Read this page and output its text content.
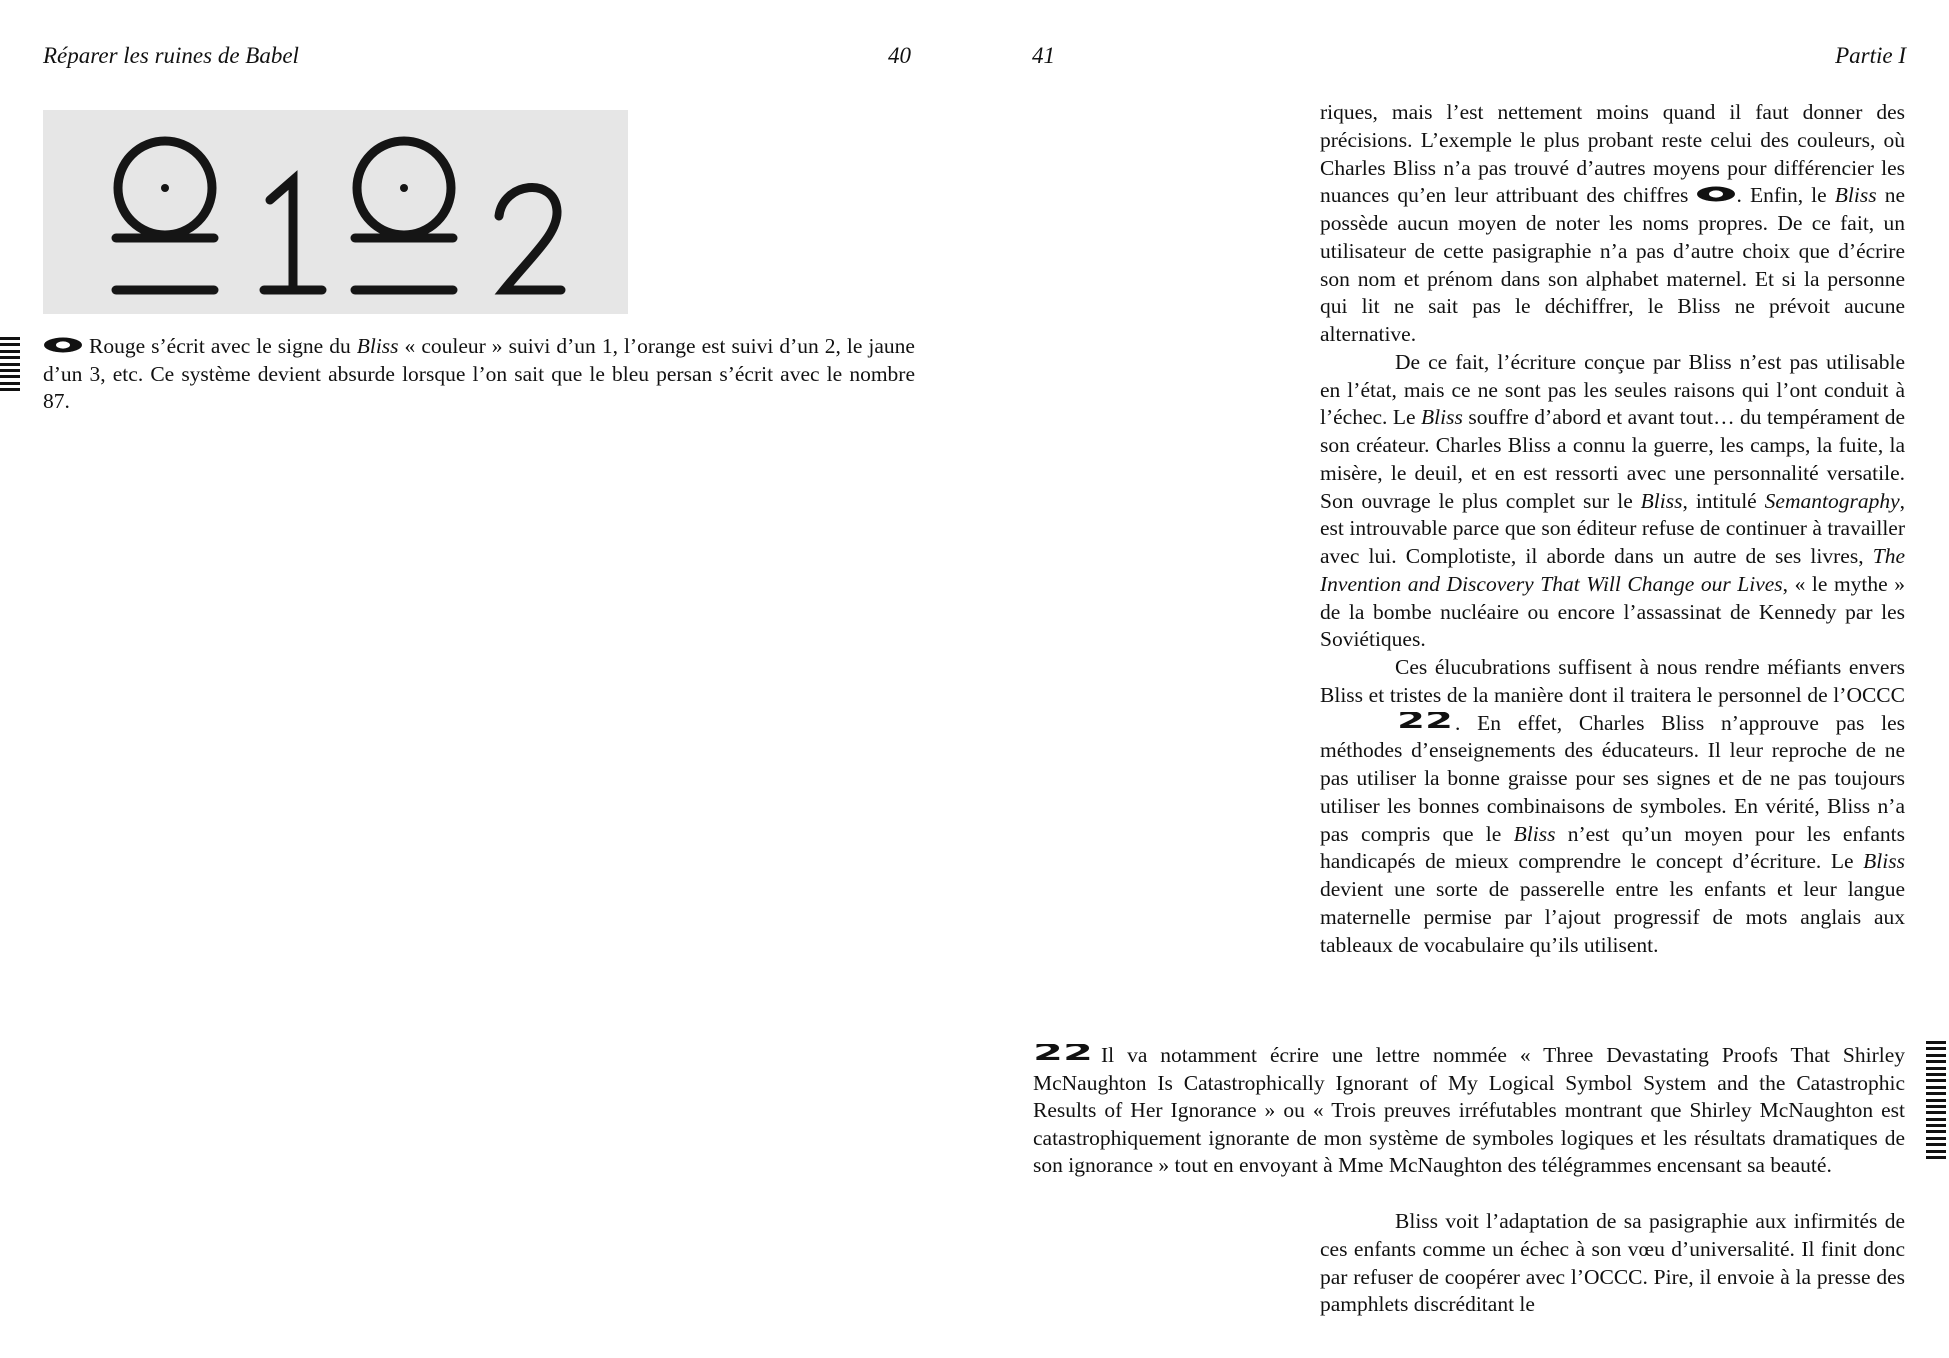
Réparer les ruines de Babel	40	41	Partie I

Rouge s’écrit avec le signe du Bliss « couleur » suivi d’un 1, l’orange est suivi d’un 2, le jaune d’un 3, etc. Ce système devient absurde lorsque l’on sait que le bleu persan s’écrit avec le nombre 87.

riques, mais l’est nettement moins quand il faut donner des précisions. L’exemple le plus probant reste celui des couleurs, où Charles Bliss n’a pas trouvé d’autres moyens pour différencier les nuances qu’en leur attribuant des chiffres . Enfin, le Bliss ne possède aucun moyen de noter les noms propres. De ce fait, un utilisateur de cette pasigraphie n’a pas d’autre choix que d’écrire son nom et prénom dans son alphabet maternel. Et si la personne qui lit ne sait pas le déchiffrer, le Bliss ne prévoit aucune alternative.

De ce fait, l’écriture conçue par Bliss n’est pas utilisable en l’état, mais ce ne sont pas les seules raisons qui l’ont conduit à l’échec. Le Bliss souffre d’abord et avant tout… du tempérament de son créateur. Charles Bliss a connu la guerre, les camps, la fuite, la misère, le deuil, et en est ressorti avec une personnalité versatile. Son ouvrage le plus complet sur le Bliss, intitulé Semantography, est introuvable parce que son éditeur refuse de continuer à travailler avec lui. Complotiste, il aborde dans un autre de ses livres, The Invention and Discovery That Will Change our Lives, « le mythe » de la bombe nucléaire ou encore l’assassinat de Kennedy par les Soviétiques.

Ces élucubrations suffisent à nous rendre méfiants envers Bliss et tristes de la manière dont il traitera le personnel de l’OCCC
22 . En effet, Charles Bliss n’approuve pas les méthodes d’enseignements des éducateurs. Il leur reproche de ne pas utiliser la bonne graisse pour ses signes et de ne pas toujours utiliser les bonnes combinaisons de symboles. En vérité, Bliss n’a pas compris que le Bliss n’est qu’un moyen pour les enfants handicapés de mieux comprendre le concept d’écriture. Le Bliss devient une sorte de passerelle entre les enfants et leur langue maternelle permise par l’ajout progressif de mots anglais aux tableaux de vocabulaire qu’ils utilisent.

22 Il va notamment écrire une lettre nommée « Three Devastating Proofs That Shirley McNaughton Is Catastrophically Ignorant of My Logical Symbol System and the Catastrophic Results of Her Ignorance » ou « Trois preuves irréfutables montrant que Shirley McNaughton est catastrophiquement ignorante de mon système de symboles logiques et les résultats dramatiques de son ignorance » tout en envoyant à Mme McNaughton des télégrammes encensant sa beauté.

Bliss voit l’adaptation de sa pasigraphie aux infirmités de ces enfants comme un échec à son vœu d’universalité. Il finit donc par refuser de coopérer avec l’OCCC. Pire, il envoie à la presse des pamphlets discréditant le
